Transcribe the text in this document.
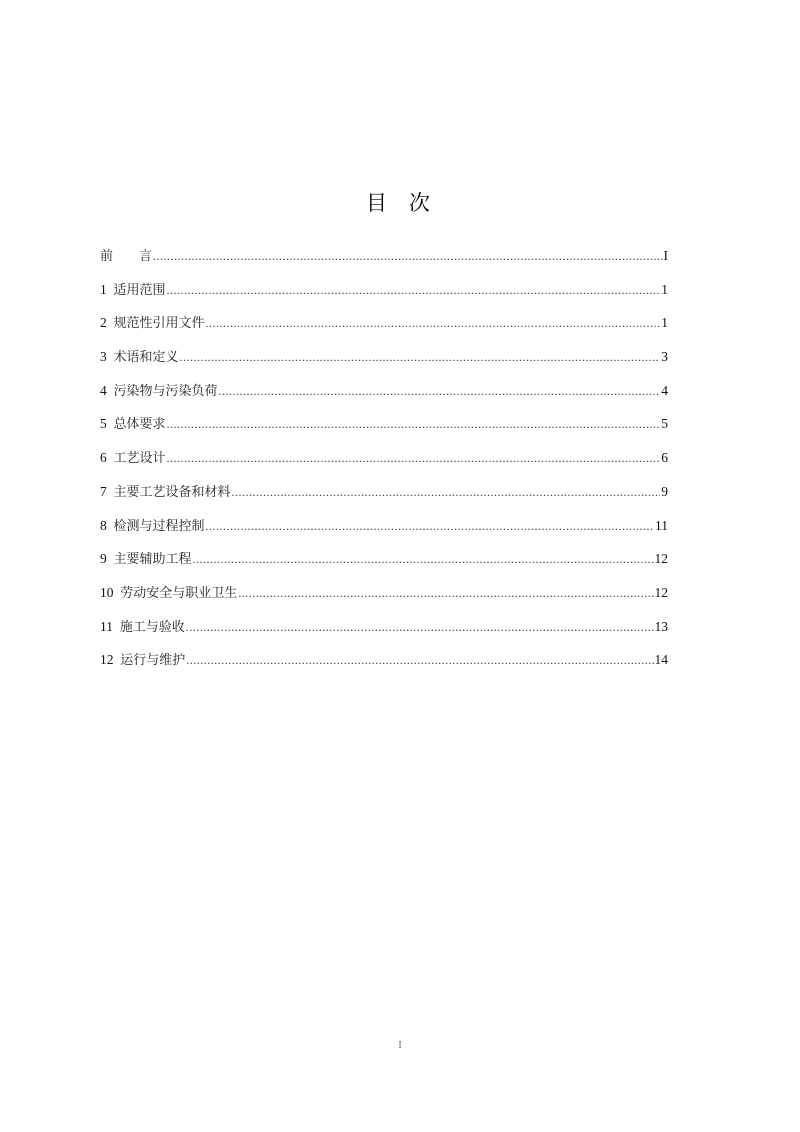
目次
前　　言 .....	I
1 适用范围 .....	1
2 规范性引用文件 .....	1
3 术语和定义 .....	3
4 污染物与污染负荷 .....	4
5 总体要求 .....	5
6 工艺设计 .....	6
7 主要工艺设备和材料 .....	9
8 检测与过程控制 .....	11
9 主要辅助工程 .....	12
10 劳动安全与职业卫生 .....	12
11 施工与验收 .....	13
12 运行与维护 .....	14
I
